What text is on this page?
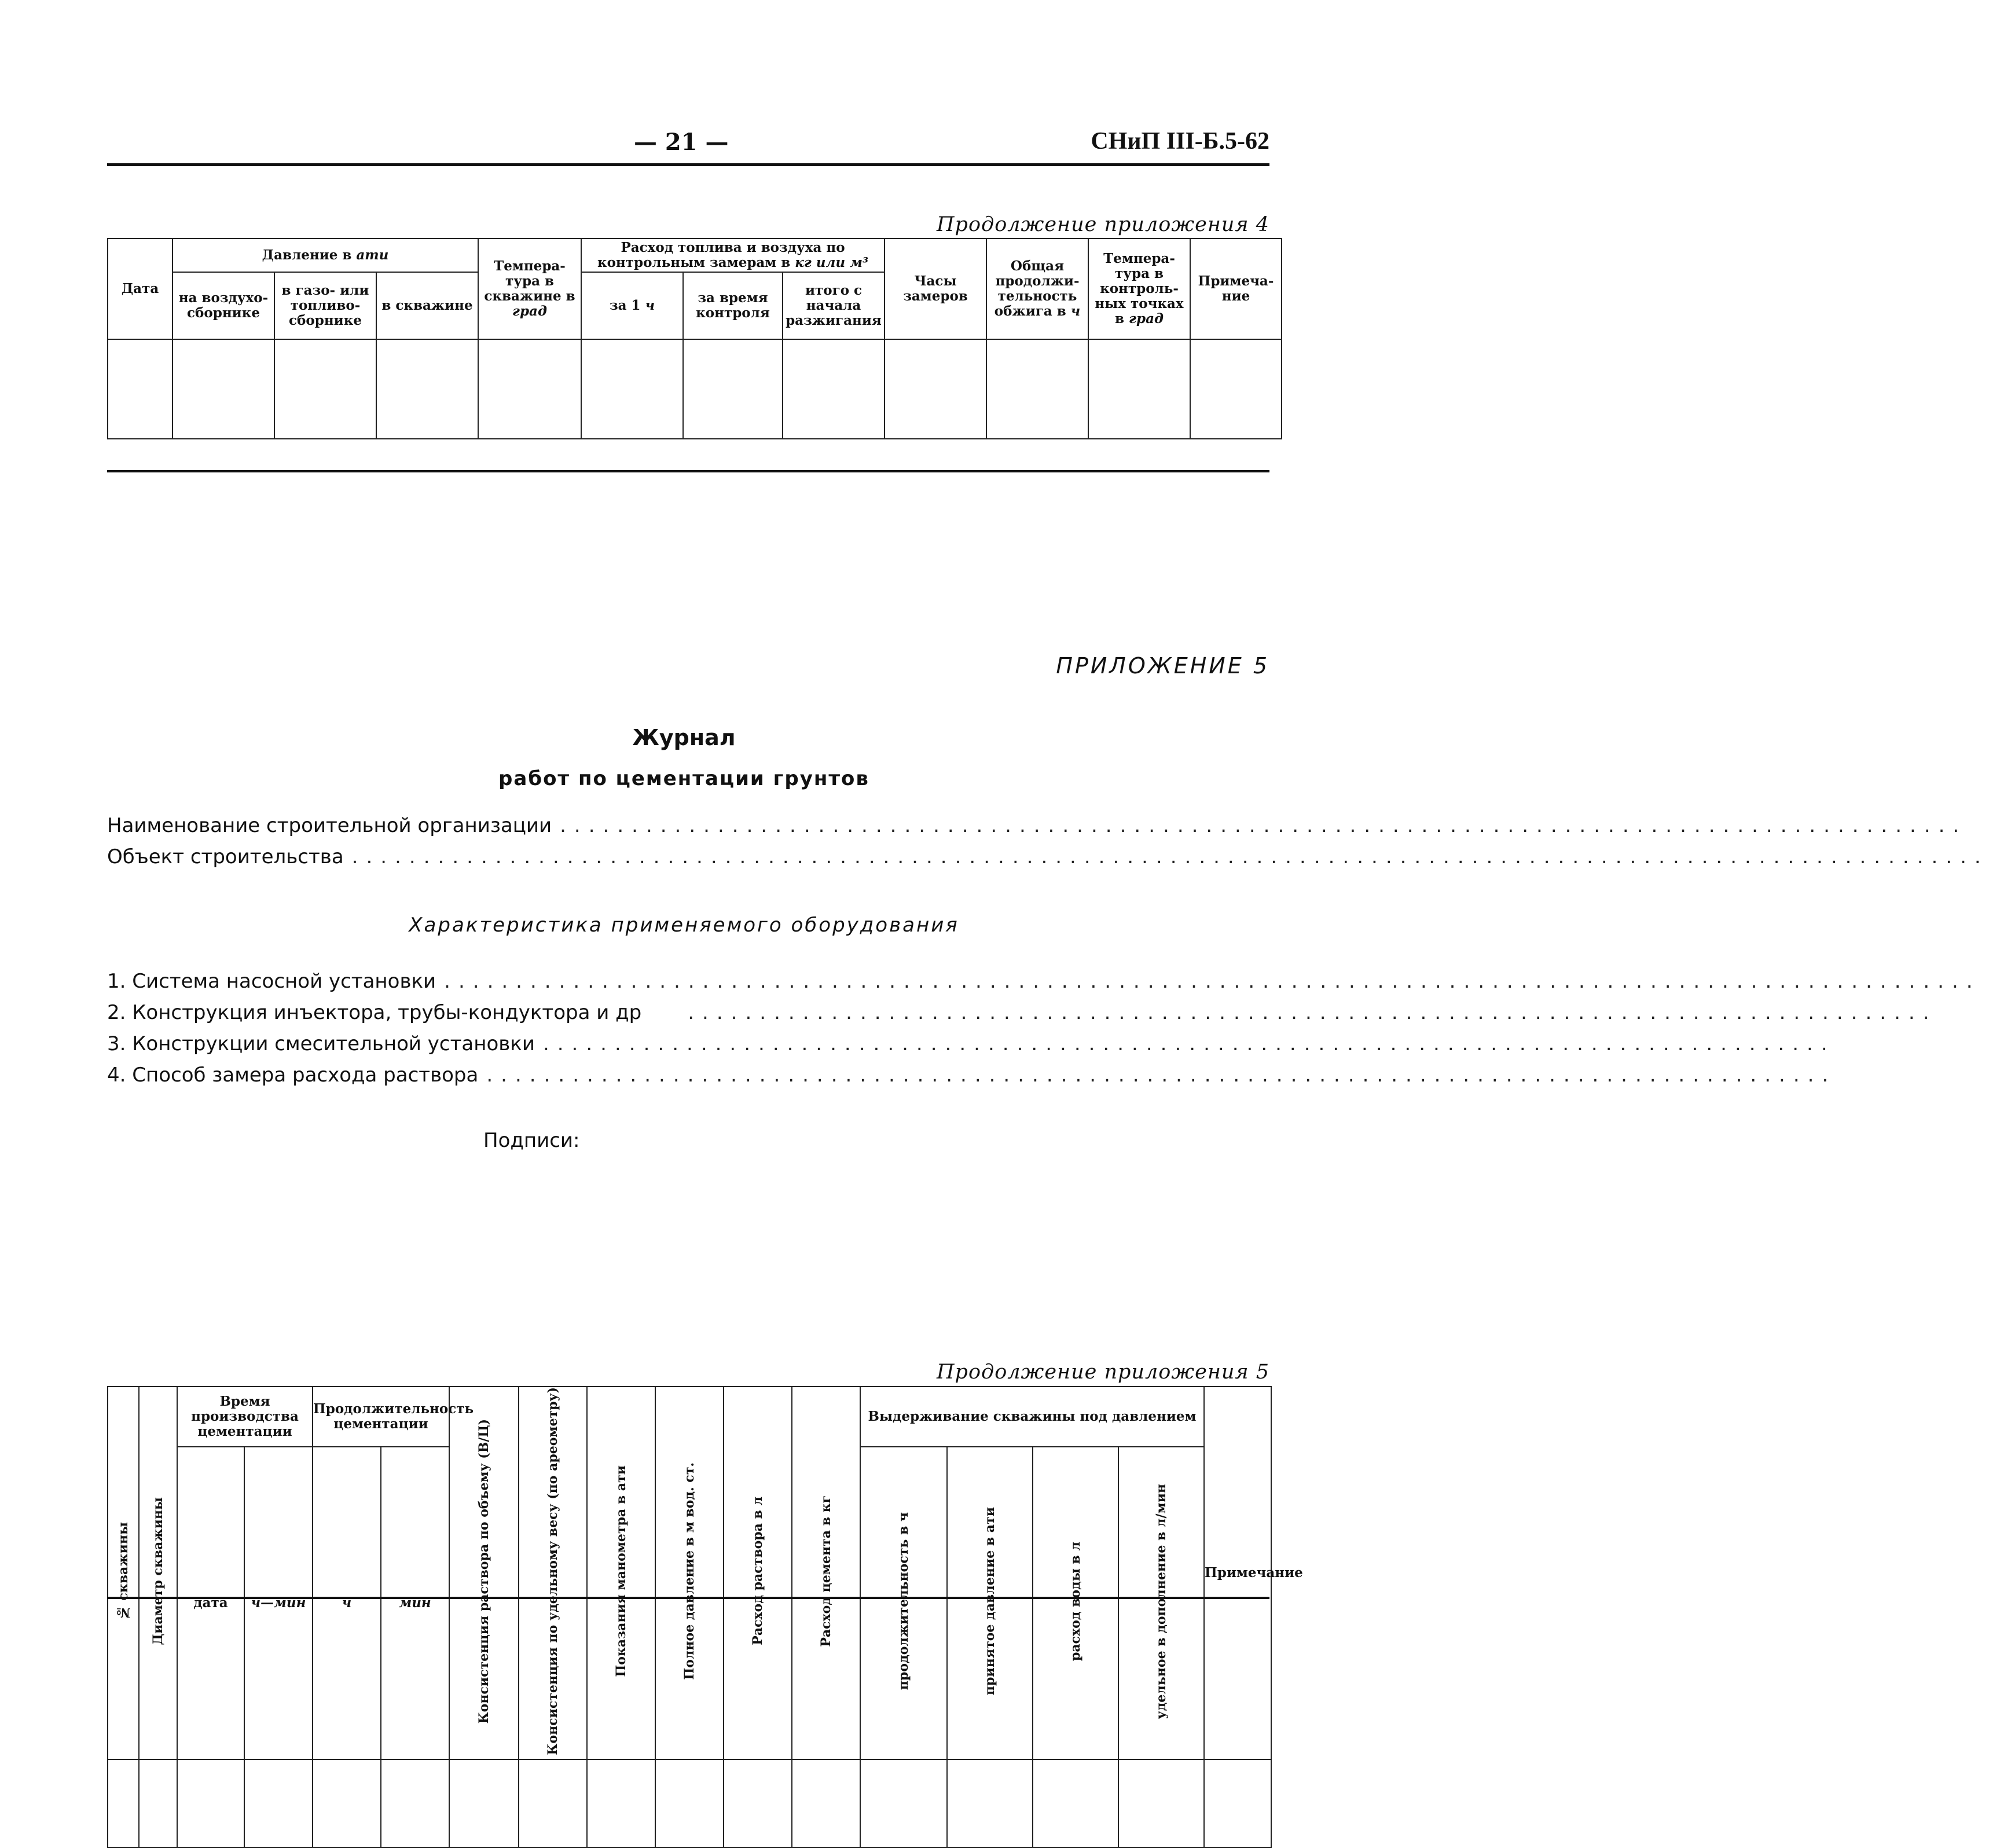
— 21 —	СНиП III-Б.5-62
Продолжение приложения 4
Дата	Давление в ати			Темпера-тура в скважине в град	Расход топлива и воздуха по контрольным замерам в кг или м³			Часы замеров	Общая продолжи-тельность обжига в ч	Темпера-тура в контроль-ных точках в град	Примеча-ние
	на воздухо-сборнике	в газо- или топливо-сборнике	в скважине		за 1 ч	за время контроля	итого с начала разжигания				

ПРИЛОЖЕНИЕ 5
Журнал
работ по цементации грунтов
Наименование строительной организации ..................................................................................................
Объект строительства ..................................................................................................................
Характеристика применяемого оборудования
1. Система насосной установки ...........................................................................................................
2. Конструкция инъектора, трубы-кондуктора и др .......................................................................................
3. Конструкции смесительной установки ..........................................................................................
4. Способ замера расхода раствора ..............................................................................................
Подписи:
Продолжение приложения 5
№ скважины	Диаметр скважины	Время производства цементации		Продолжительность цементации		Консистенция раствора по объему (В/Ц)	Консистенция по удельному весу (по ареометру)	Показания манометра в ати	Полное давление в м вод. ст.	Расход раствора в л	Расход цемента в кг	Выдерживание скважины под давлением				Примечание
		дата	ч—мин	ч	мин							продолжительность в ч	принятое давление в ати	расход воды в л	удельное в дополнение в л/мин	
